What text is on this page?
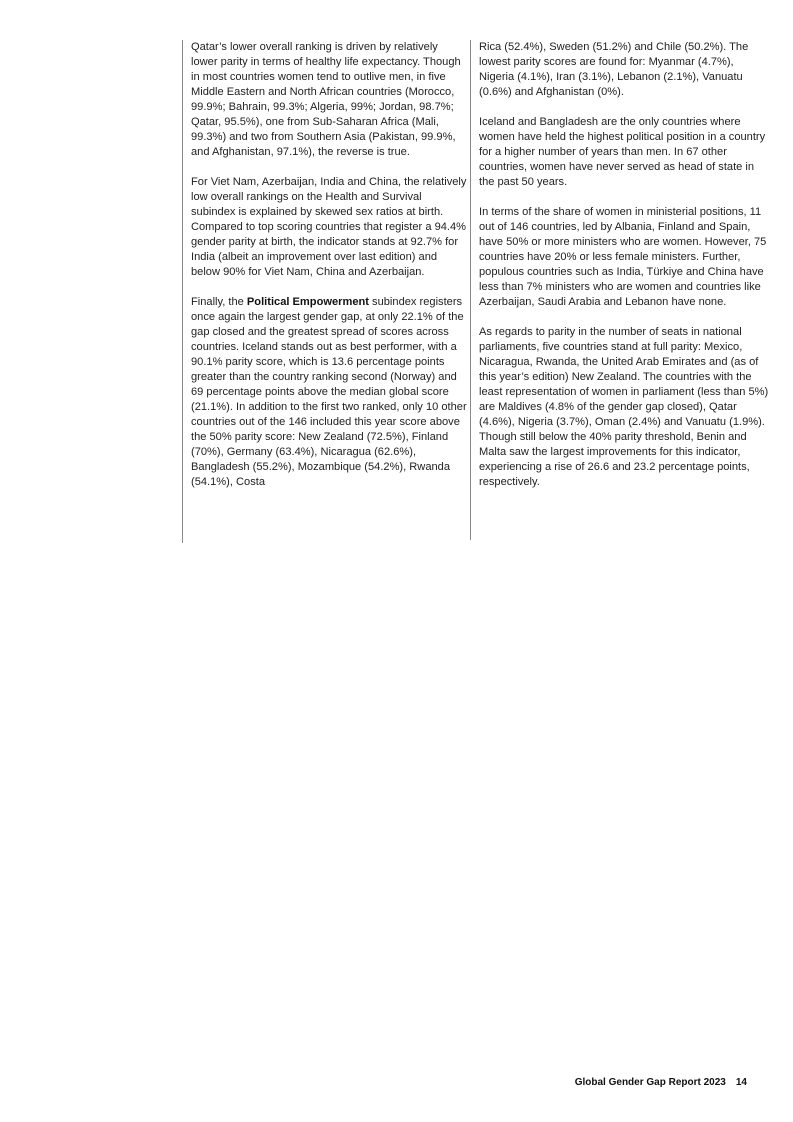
Qatar’s lower overall ranking is driven by relatively lower parity in terms of healthy life expectancy. Though in most countries women tend to outlive men, in five Middle Eastern and North African countries (Morocco, 99.9%; Bahrain, 99.3%; Algeria, 99%; Jordan, 98.7%; Qatar, 95.5%), one from Sub-Saharan Africa (Mali, 99.3%) and two from Southern Asia (Pakistan, 99.9%, and Afghanistan, 97.1%), the reverse is true.

For Viet Nam, Azerbaijan, India and China, the relatively low overall rankings on the Health and Survival subindex is explained by skewed sex ratios at birth. Compared to top scoring countries that register a 94.4% gender parity at birth, the indicator stands at 92.7% for India (albeit an improvement over last edition) and below 90% for Viet Nam, China and Azerbaijan.

Finally, the Political Empowerment subindex registers once again the largest gender gap, at only 22.1% of the gap closed and the greatest spread of scores across countries. Iceland stands out as best performer, with a 90.1% parity score, which is 13.6 percentage points greater than the country ranking second (Norway) and 69 percentage points above the median global score (21.1%). In addition to the first two ranked, only 10 other countries out of the 146 included this year score above the 50% parity score: New Zealand (72.5%), Finland (70%), Germany (63.4%), Nicaragua (62.6%), Bangladesh (55.2%), Mozambique (54.2%), Rwanda (54.1%), Costa

Rica (52.4%), Sweden (51.2%) and Chile (50.2%). The lowest parity scores are found for: Myanmar (4.7%), Nigeria (4.1%), Iran (3.1%), Lebanon (2.1%), Vanuatu (0.6%) and Afghanistan (0%).

Iceland and Bangladesh are the only countries where women have held the highest political position in a country for a higher number of years than men. In 67 other countries, women have never served as head of state in the past 50 years.

In terms of the share of women in ministerial positions, 11 out of 146 countries, led by Albania, Finland and Spain, have 50% or more ministers who are women. However, 75 countries have 20% or less female ministers. Further, populous countries such as India, Türkiye and China have less than 7% ministers who are women and countries like Azerbaijan, Saudi Arabia and Lebanon have none.

As regards to parity in the number of seats in national parliaments, five countries stand at full parity: Mexico, Nicaragua, Rwanda, the United Arab Emirates and (as of this year’s edition) New Zealand. The countries with the least representation of women in parliament (less than 5%) are Maldives (4.8% of the gender gap closed), Qatar (4.6%), Nigeria (3.7%), Oman (2.4%) and Vanuatu (1.9%). Though still below the 40% parity threshold, Benin and Malta saw the largest improvements for this indicator, experiencing a rise of 26.6 and 23.2 percentage points, respectively.

Global Gender Gap Report 2023 14
